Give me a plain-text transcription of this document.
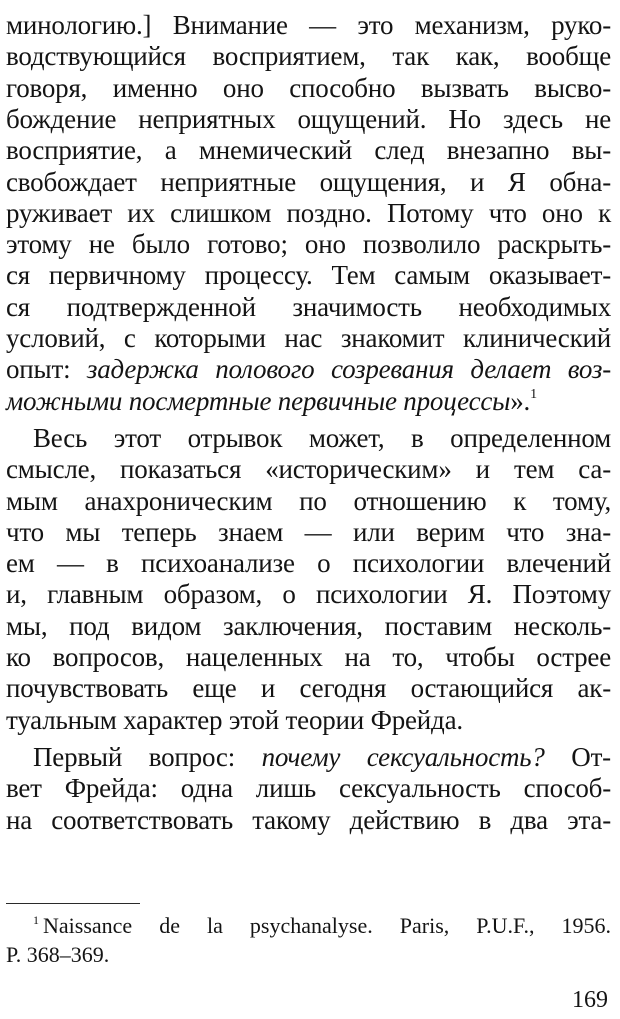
минологию.] Внимание — это механизм, руко-
водствующийся восприятием, так как, вообще
говоря, именно оно способно вызвать высво-
бождение неприятных ощущений. Но здесь не
восприятие, а мнемический след внезапно вы-
свобождает неприятные ощущения, и Я обна-
руживает их слишком поздно. Потому что оно к
этому не было готово; оно позволило раскрыть-
ся первичному процессу. Тем самым оказывает-
ся подтвержденной значимость необходимых
условий, с которыми нас знакомит клинический
опыт: задержка полового созревания делает воз-
можными посмертные первичные процессы».$^1$
Весь этот отрывок может, в определенном
смысле, показаться «историческим» и тем са-
мым анахроническим по отношению к тому,
что мы теперь знаем — или верим что зна-
ем — в психоанализе о психологии влечений
и, главным образом, о психологии Я. Поэтому
мы, под видом заключения, поставим несколь-
ко вопросов, нацеленных на то, чтобы острее
почувствовать еще и сегодня остающийся ак-
туальным характер этой теории Фрейда.
$^1$ Naissance de la psychanalyse. Paris, P.U.F., 1956.
P. 368–369.
169
Первый вопрос: почему сексуальность? От-
вет Фрейда: одна лишь сексуальность способ-
на соответствовать такому действию в два эта-
